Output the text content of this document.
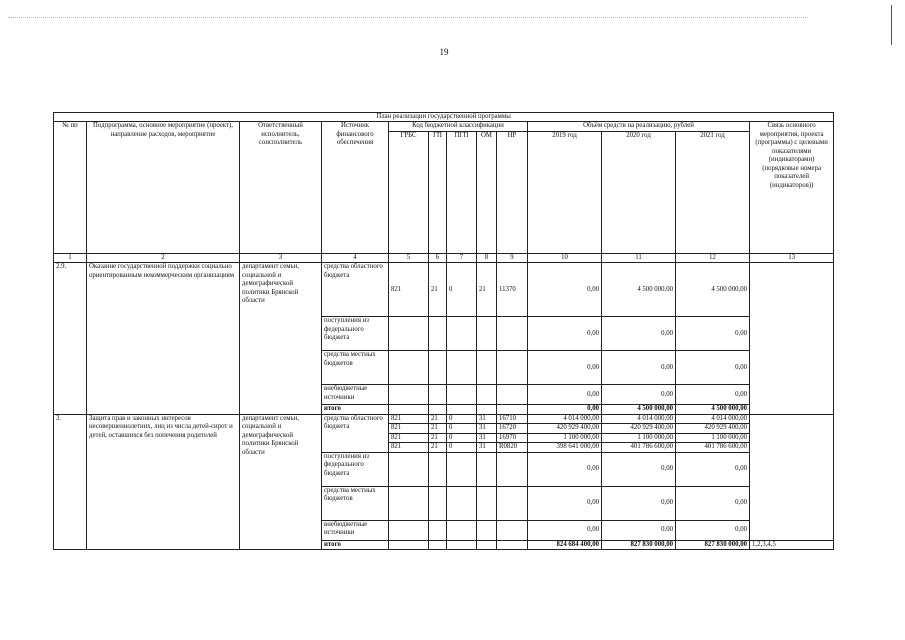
19
План реализации государственной программы												
№ пп	Подпрограмма, основное мероприятие (проект), направление расходов, мероприятие	Ответственный исполнитель, соисполнитель	Источник финансового обеспечения	Код бюджетной классификации					Объём средств на реализацию, рублей			Связь основного мероприятия, проекта (программы) с целевыми показателями (индикаторами) (порядковые номера показателей (индикаторов))
				ГРБС	ГП	ПГП	ОМ	НР	2019 год	2020 год	2021 год	
1	2	3	4	5	6	7	8	9	10	11	12	13
2.9.	Оказание государственной поддержки социально ориентированным некоммерческим организациям	департамент семьи, социальной и демографической политики Брянской области	средства областного бюджета	821	21	0	21	11370	0,00	4 500 000,00	4 500 000,00	
			поступления из федерального бюджета						0,00	0,00	0,00	
			средства местных бюджетов						0,00	0,00	0,00	
			внебюджетные источники						0,00	0,00	0,00	
			итого						0,00	4 500 000,00	4 500 000,00	
3.	Защита прав и законных интересов несовершеннолетних, лиц из числа детей-сирот и детей, оставшихся без попечения родителей	департамент семьи, социальной и демографической политики Брянской области	средства областного бюджета	821	21	0	31	16710	4 014 000,00	4 014 000,00	4 014 000,00	
				821	21	0	31	16720	420 929 400,00	420 929 400,00	420 929 400,00	
				821	21	0	31	16970	1 100 000,00	1 100 000,00	1 100 000,00	
				821	21	0	31	R0820	398 641 000,00	401 786 600,00	401 786 600,00	
			поступления из федерального бюджета						0,00	0,00	0,00	
			средства местных бюджетов						0,00	0,00	0,00	
			внебюджетные источники						0,00	0,00	0,00	
			итого						824 684 400,00	827 830 000,00	827 830 000,00	1,2,3,4,5
